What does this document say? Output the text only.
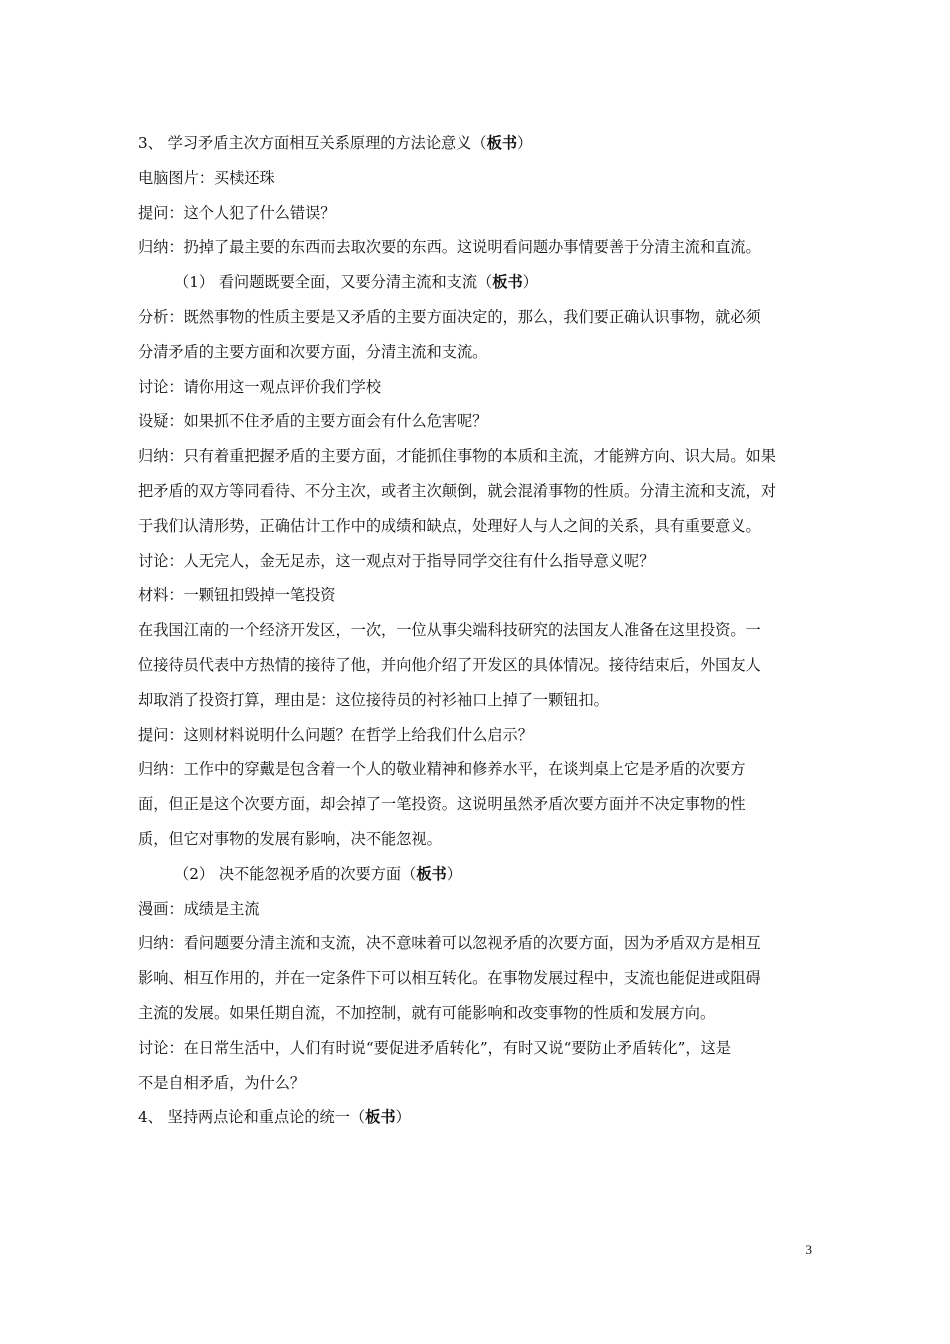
3、 学习矛盾主次方面相互关系原理的方法论意义（板书）
电脑图片：买椟还珠
提问：这个人犯了什么错误？
归纳：扔掉了最主要的东西而去取次要的东西。这说明看问题办事情要善于分清主流和直流。
（1） 看问题既要全面，又要分清主流和支流（板书）
分析：既然事物的性质主要是又矛盾的主要方面决定的，那么，我们要正确认识事物，就必须
分清矛盾的主要方面和次要方面，分清主流和支流。
讨论：请你用这一观点评价我们学校
设疑：如果抓不住矛盾的主要方面会有什么危害呢？
归纳：只有着重把握矛盾的主要方面，才能抓住事物的本质和主流，才能辨方向、识大局。如果
把矛盾的双方等同看待、不分主次，或者主次颠倒，就会混淆事物的性质。分清主流和支流，对
于我们认清形势，正确估计工作中的成绩和缺点，处理好人与人之间的关系，具有重要意义。
讨论：人无完人，金无足赤，这一观点对于指导同学交往有什么指导意义呢？
材料：一颗钮扣毁掉一笔投资
在我国江南的一个经济开发区，一次，一位从事尖端科技研究的法国友人准备在这里投资。一
位接待员代表中方热情的接待了他，并向他介绍了开发区的具体情况。接待结束后，外国友人
却取消了投资打算，理由是：这位接待员的衬衫袖口上掉了一颗钮扣。
提问：这则材料说明什么问题？在哲学上给我们什么启示？
归纳：工作中的穿戴是包含着一个人的敬业精神和修养水平，在谈判桌上它是矛盾的次要方
面，但正是这个次要方面，却会掉了一笔投资。这说明虽然矛盾次要方面并不决定事物的性
质，但它对事物的发展有影响，决不能忽视。
（2） 决不能忽视矛盾的次要方面（板书）
漫画：成绩是主流
归纳：看问题要分清主流和支流，决不意味着可以忽视矛盾的次要方面，因为矛盾双方是相互
影响、相互作用的，并在一定条件下可以相互转化。在事物发展过程中，支流也能促进或阻碍
主流的发展。如果任期自流，不加控制，就有可能影响和改变事物的性质和发展方向。
讨论：在日常生活中，人们有时说“要促进矛盾转化”，有时又说“要防止矛盾转化”，这是
不是自相矛盾，为什么？
4、 坚持两点论和重点论的统一（板书）
3
